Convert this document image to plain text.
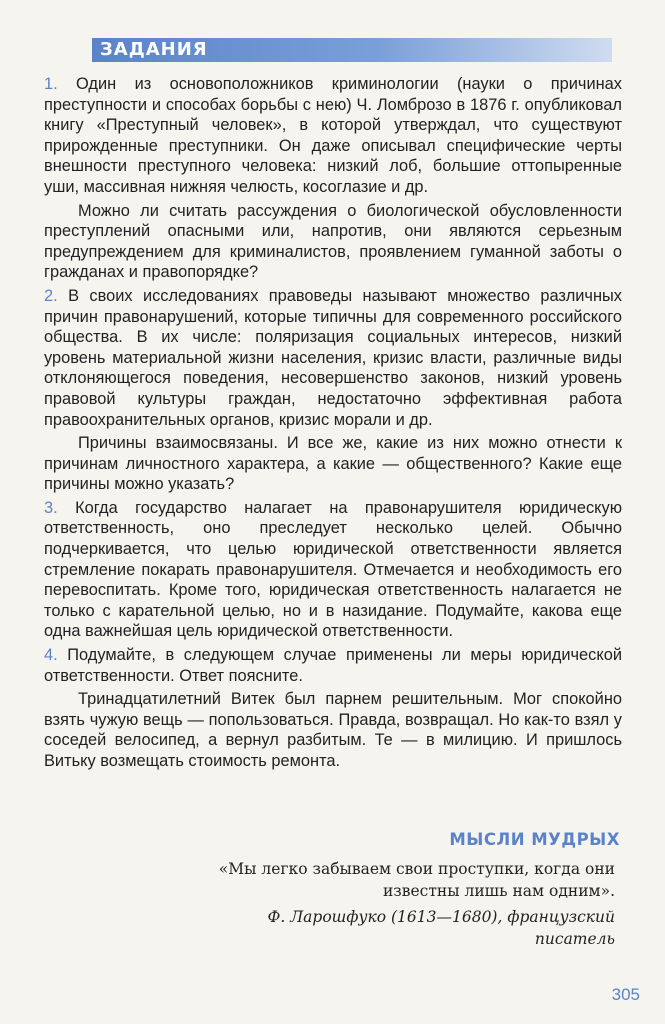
ЗАДАНИЯ

1. Один из основоположников криминологии (науки о причинах преступности и способах борьбы с нею) Ч. Ломброзо в 1876 г. опубликовал книгу «Преступный человек», в которой утверждал, что существуют прирожденные преступники. Он даже описывал специфические черты внешности преступного человека: низкий лоб, большие оттопыренные уши, массивная нижняя челюсть, косоглазие и др.

Можно ли считать рассуждения о биологической обусловленности преступлений опасными или, напротив, они являются серьезным предупреждением для криминалистов, проявлением гуманной заботы о гражданах и правопорядке?

2. В своих исследованиях правоведы называют множество различных причин правонарушений, которые типичны для современного российского общества. В их числе: поляризация социальных интересов, низкий уровень материальной жизни населения, кризис власти, различные виды отклоняющегося поведения, несовершенство законов, низкий уровень правовой культуры граждан, недостаточно эффективная работа правоохранительных органов, кризис морали и др.

Причины взаимосвязаны. И все же, какие из них можно отнести к причинам личностного характера, а какие — общественного? Какие еще причины можно указать?

3. Когда государство налагает на правонарушителя юридическую ответственность, оно преследует несколько целей. Обычно подчеркивается, что целью юридической ответственности является стремление покарать правонарушителя. Отмечается и необходимость его перевоспитать. Кроме того, юридическая ответственность налагается не только с карательной целью, но и в назидание. Подумайте, какова еще одна важнейшая цель юридической ответственности.

4. Подумайте, в следующем случае применены ли меры юридической ответственности. Ответ поясните.

Тринадцатилетний Витек был парнем решительным. Мог спокойно взять чужую вещь — попользоваться. Правда, возвращал. Но как-то взял у соседей велосипед, а вернул разбитым. Те — в милицию. И пришлось Витьку возмещать стоимость ремонта.

МЫСЛИ МУДРЫХ
«Мы легко забываем свои проступки, когда они
известны лишь нам одним».
Ф. Ларошфуко (1613—1680), французский
писатель
305
